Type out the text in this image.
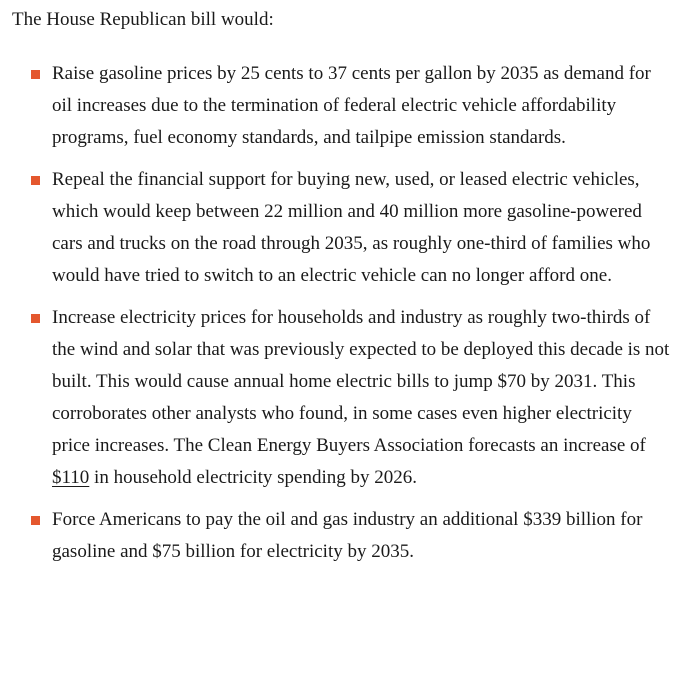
The House Republican bill would:

Raise gasoline prices by 25 cents to 37 cents per gallon by 2035 as demand for oil increases due to the termination of federal electric vehicle affordability programs, fuel economy standards, and tailpipe emission standards.
Repeal the financial support for buying new, used, or leased electric vehicles, which would keep between 22 million and 40 million more gasoline-powered cars and trucks on the road through 2035, as roughly one-third of families who would have tried to switch to an electric vehicle can no longer afford one.
Increase electricity prices for households and industry as roughly two-thirds of the wind and solar that was previously expected to be deployed this decade is not built. This would cause annual home electric bills to jump $70 by 2031. This corroborates other analysts who found, in some cases even higher electricity price increases. The Clean Energy Buyers Association forecasts an increase of $110 in household electricity spending by 2026.
Force Americans to pay the oil and gas industry an additional $339 billion for gasoline and $75 billion for electricity by 2035.
